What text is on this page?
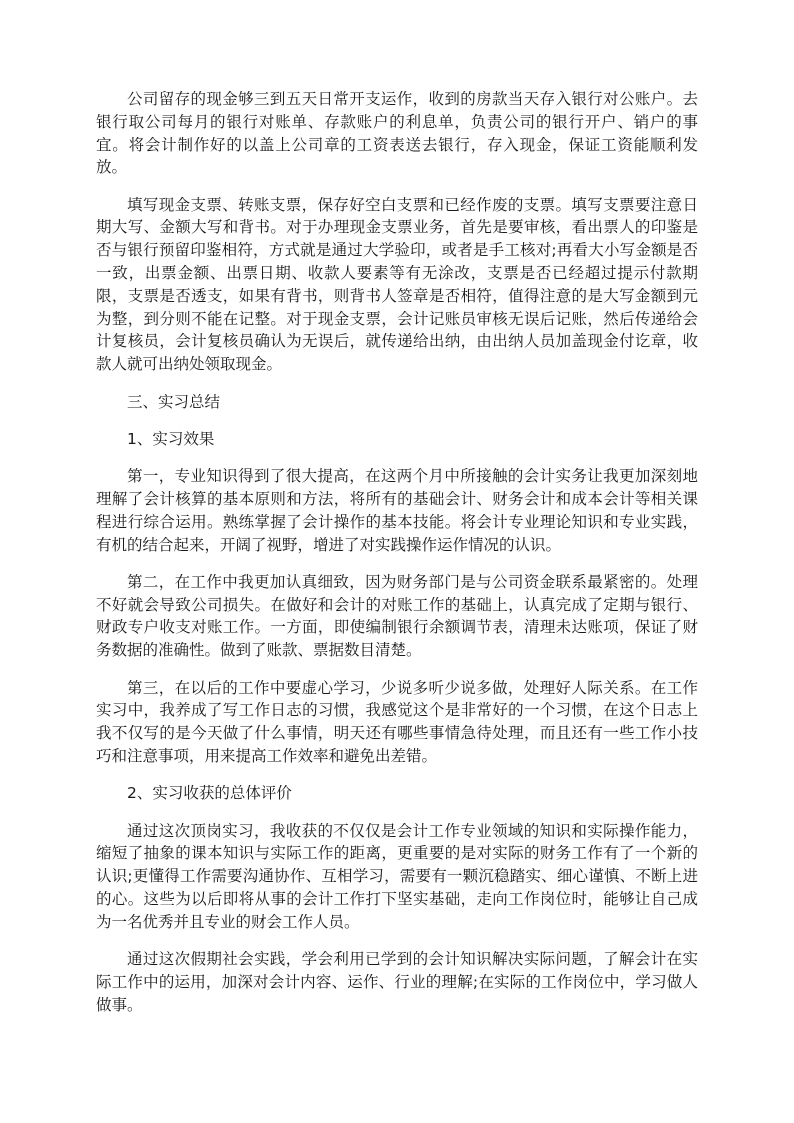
公司留存的现金够三到五天日常开支运作，收到的房款当天存入银行对公账户。去银行取公司每月的银行对账单、存款账户的利息单，负责公司的银行开户、销户的事宜。将会计制作好的以盖上公司章的工资表送去银行，存入现金，保证工资能顺利发放。

填写现金支票、转账支票，保存好空白支票和已经作废的支票。填写支票要注意日期大写、金额大写和背书。对于办理现金支票业务，首先是要审核，看出票人的印鉴是否与银行预留印鉴相符，方式就是通过大学验印，或者是手工核对;再看大小写金额是否一致，出票金额、出票日期、收款人要素等有无涂改，支票是否已经超过提示付款期限，支票是否透支，如果有背书，则背书人签章是否相符，值得注意的是大写金额到元为整，到分则不能在记整。对于现金支票，会计记账员审核无误后记账，然后传递给会计复核员，会计复核员确认为无误后，就传递给出纳，由出纳人员加盖现金付讫章，收款人就可出纳处领取现金。

三、实习总结

1、实习效果

第一，专业知识得到了很大提高，在这两个月中所接触的会计实务让我更加深刻地理解了会计核算的基本原则和方法，将所有的基础会计、财务会计和成本会计等相关课程进行综合运用。熟练掌握了会计操作的基本技能。将会计专业理论知识和专业实践，有机的结合起来，开阔了视野，增进了对实践操作运作情况的认识。

第二，在工作中我更加认真细致，因为财务部门是与公司资金联系最紧密的。处理不好就会导致公司损失。在做好和会计的对账工作的基础上，认真完成了定期与银行、财政专户收支对账工作。一方面，即使编制银行余额调节表，清理未达账项，保证了财务数据的准确性。做到了账款、票据数目清楚。

第三，在以后的工作中要虚心学习，少说多听少说多做，处理好人际关系。在工作实习中，我养成了写工作日志的习惯，我感觉这个是非常好的一个习惯，在这个日志上我不仅写的是今天做了什么事情，明天还有哪些事情急待处理，而且还有一些工作小技巧和注意事项，用来提高工作效率和避免出差错。

2、实习收获的总体评价

通过这次顶岗实习，我收获的不仅仅是会计工作专业领域的知识和实际操作能力，缩短了抽象的课本知识与实际工作的距离，更重要的是对实际的财务工作有了一个新的认识;更懂得工作需要沟通协作、互相学习，需要有一颗沉稳踏实、细心谨慎、不断上进的心。这些为以后即将从事的会计工作打下坚实基础，走向工作岗位时，能够让自己成为一名优秀并且专业的财会工作人员。

通过这次假期社会实践，学会利用已学到的会计知识解决实际问题，了解会计在实际工作中的运用，加深对会计内容、运作、行业的理解;在实际的工作岗位中，学习做人做事。
